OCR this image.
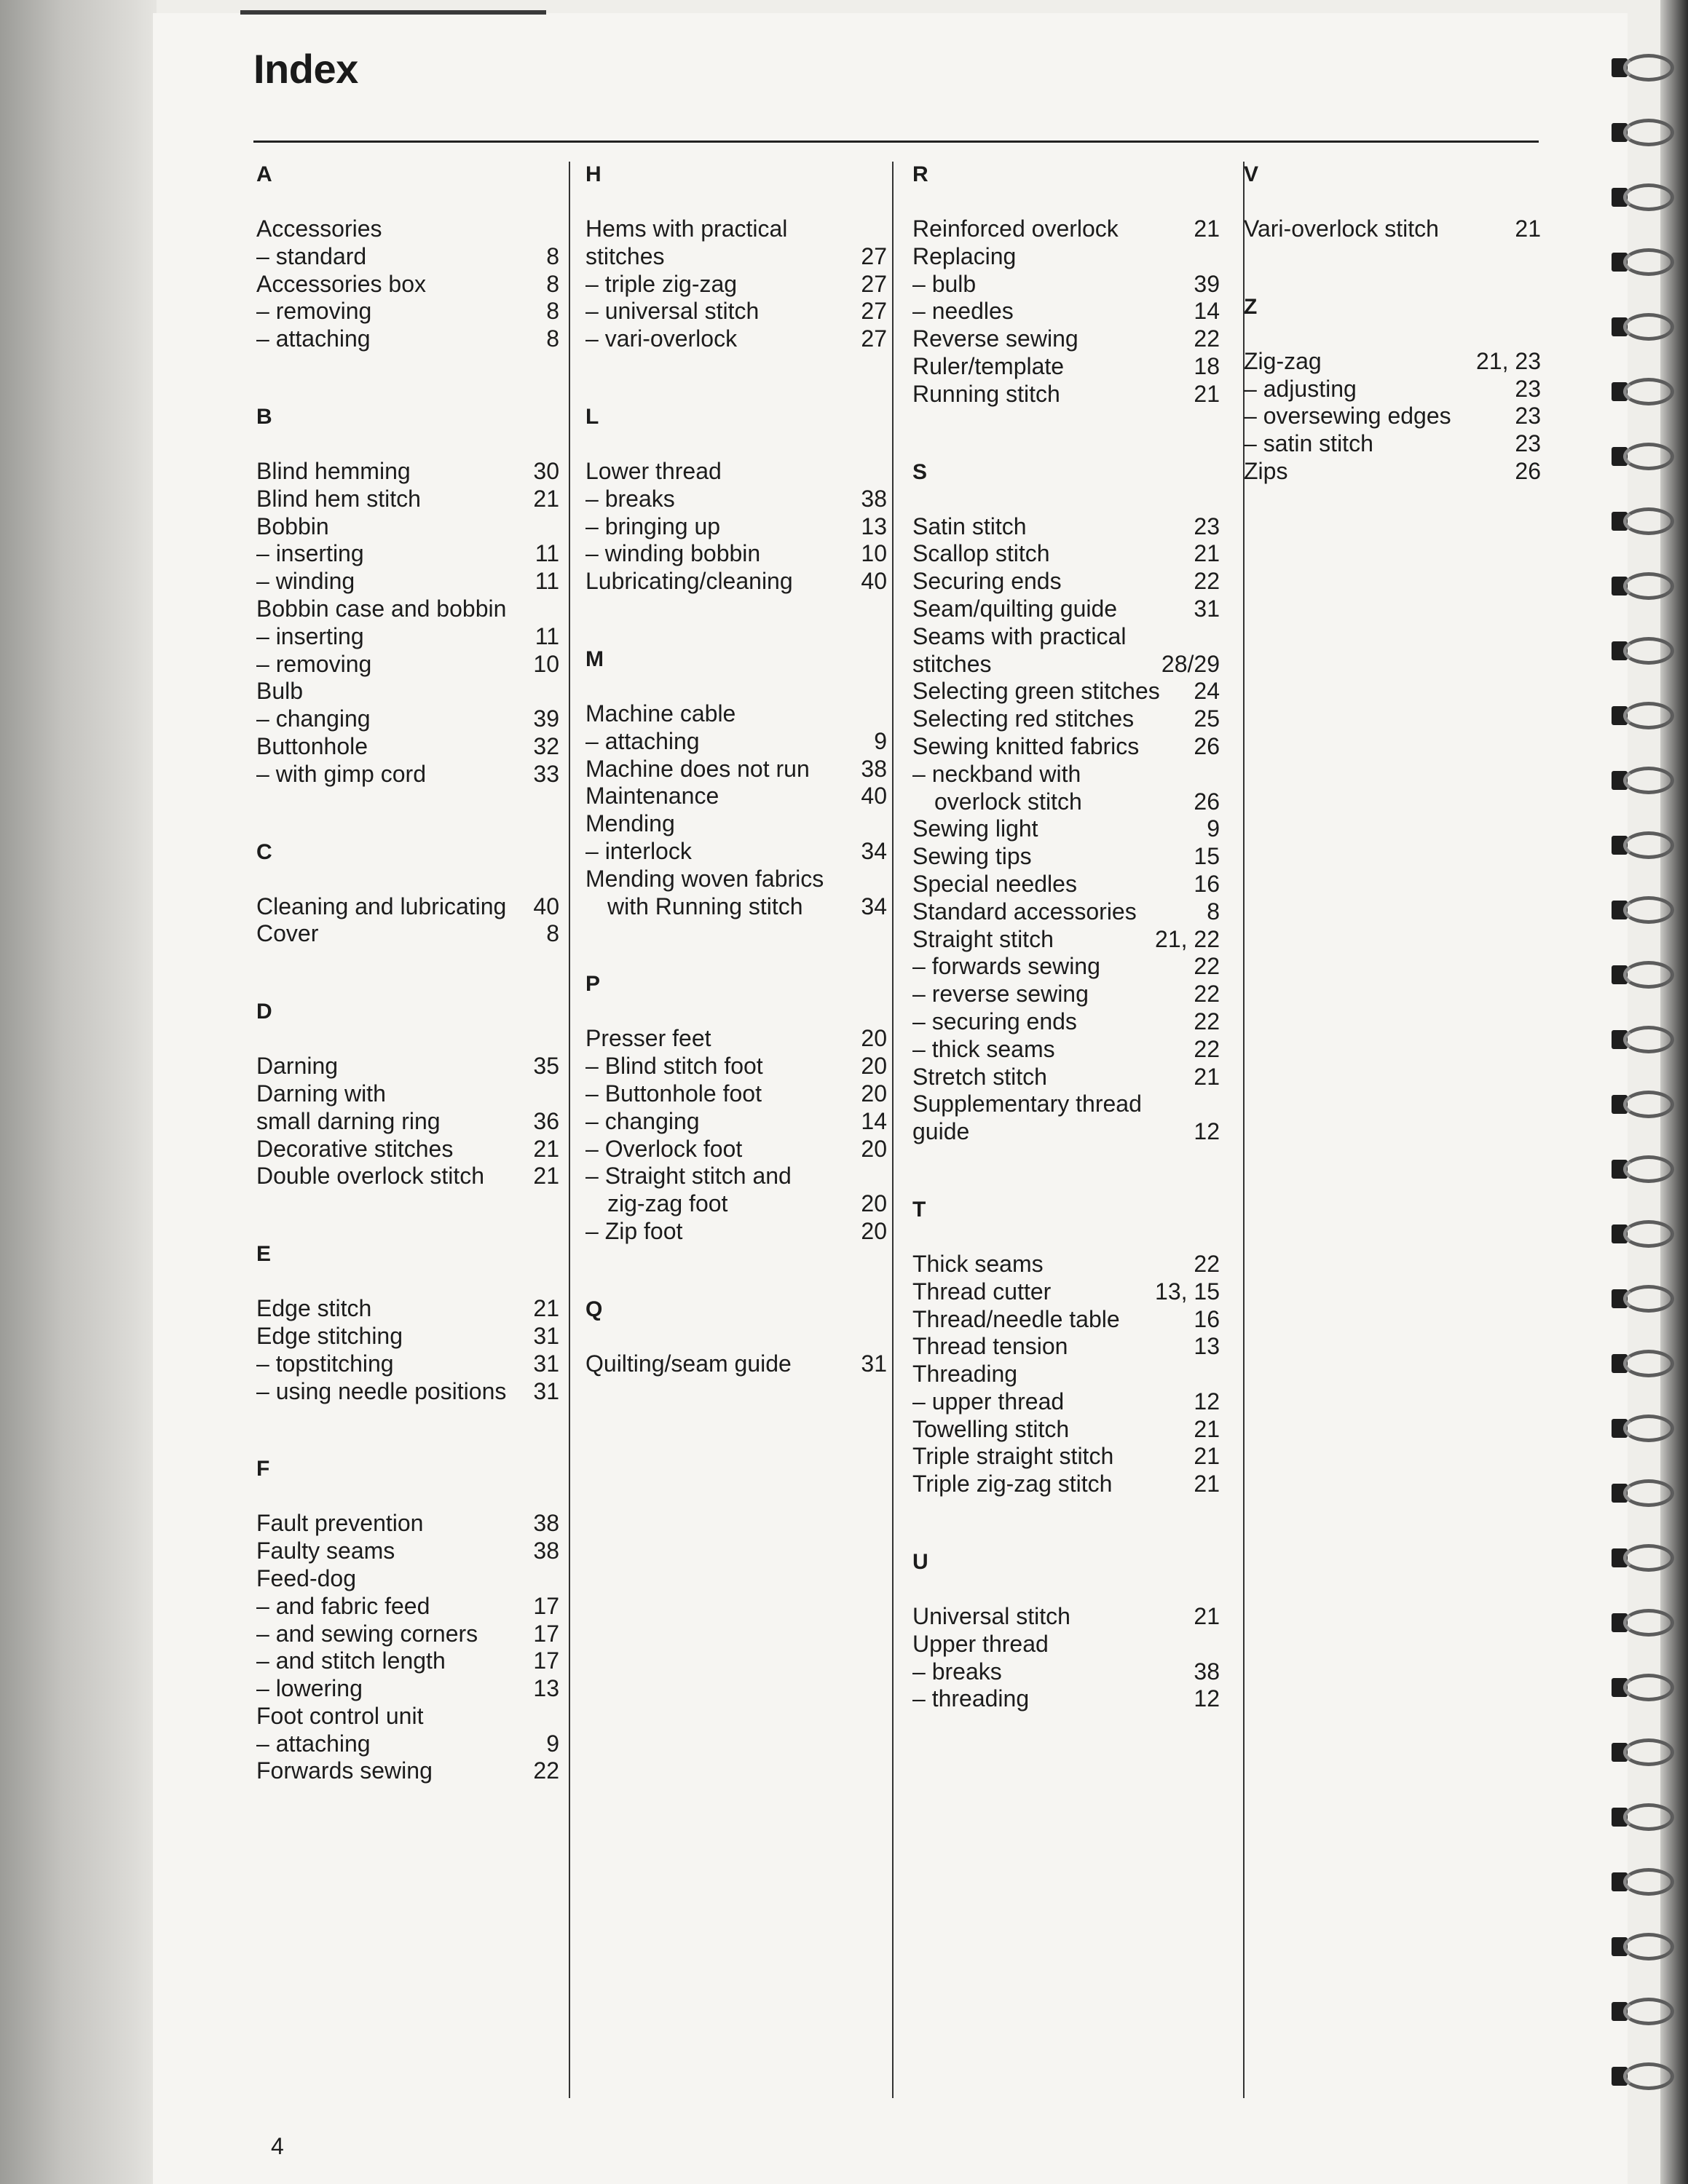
Index
A
Accessories
– standard	8
Accessories box	8
– removing	8
– attaching	8
B
Blind hemming	30
Blind hem stitch	21
Bobbin
– inserting	11
– winding	11
Bobbin case and bobbin
– inserting	11
– removing	10
Bulb
– changing	39
Buttonhole	32
– with gimp cord	33
C
Cleaning and lubricating 40
Cover	8
D
Darning	35
Darning with
small darning ring	36
Decorative stitches	21
Double overlock stitch 21
E
Edge stitch	21
Edge stitching	31
– topstitching	31
– using needle positions 31
F
Fault prevention	38
Faulty seams	38
Feed-dog
– and fabric feed	17
– and sewing corners 17
– and stitch length	17
– lowering	13
Foot control unit
– attaching	9
Forwards sewing	22
H
Hems with practical
stitches	27
– triple zig-zag	27
– universal stitch	27
– vari-overlock	27
L
Lower thread
– breaks	38
– bringing up	13
– winding bobbin	10
Lubricating/cleaning	40
M
Machine cable
– attaching	9
Machine does not run 38
Maintenance	40
Mending
– interlock	34
Mending woven fabrics
with Running stitch 34
P
Presser feet	20
– Blind stitch foot	20
– Buttonhole foot	20
– changing	14
– Overlock foot	20
– Straight stitch and
zig-zag foot	20
– Zip foot	20
Q
Quilting/seam guide	31
R
Reinforced overlock	21
Replacing
– bulb	39
– needles	14
Reverse sewing	22
Ruler/template	18
Running stitch	21
S
Satin stitch	23
Scallop stitch	21
Securing ends	22
Seam/quilting guide	31
Seams with practical
stitches	28/29
Selecting green stitches 24
Selecting red stitches	25
Sewing knitted fabrics 26
– neckband with
overlock stitch	26
Sewing light	9
Sewing tips	15
Special needles	16
Standard accessories	8
Straight stitch	21, 22
– forwards sewing	22
– reverse sewing	22
– securing ends	22
– thick seams	22
Stretch stitch	21
Supplementary thread
guide	12
T
Thick seams	22
Thread cutter	13, 15
Thread/needle table	16
Thread tension	13
Threading
– upper thread	12
Towelling stitch	21
Triple straight stitch	21
Triple zig-zag stitch	21
U
Universal stitch	21
Upper thread
– breaks	38
– threading	12
V
Vari-overlock stitch	21
Z
Zig-zag	21, 23
– adjusting	23
– oversewing edges	23
– satin stitch	23
Zips	26
4
